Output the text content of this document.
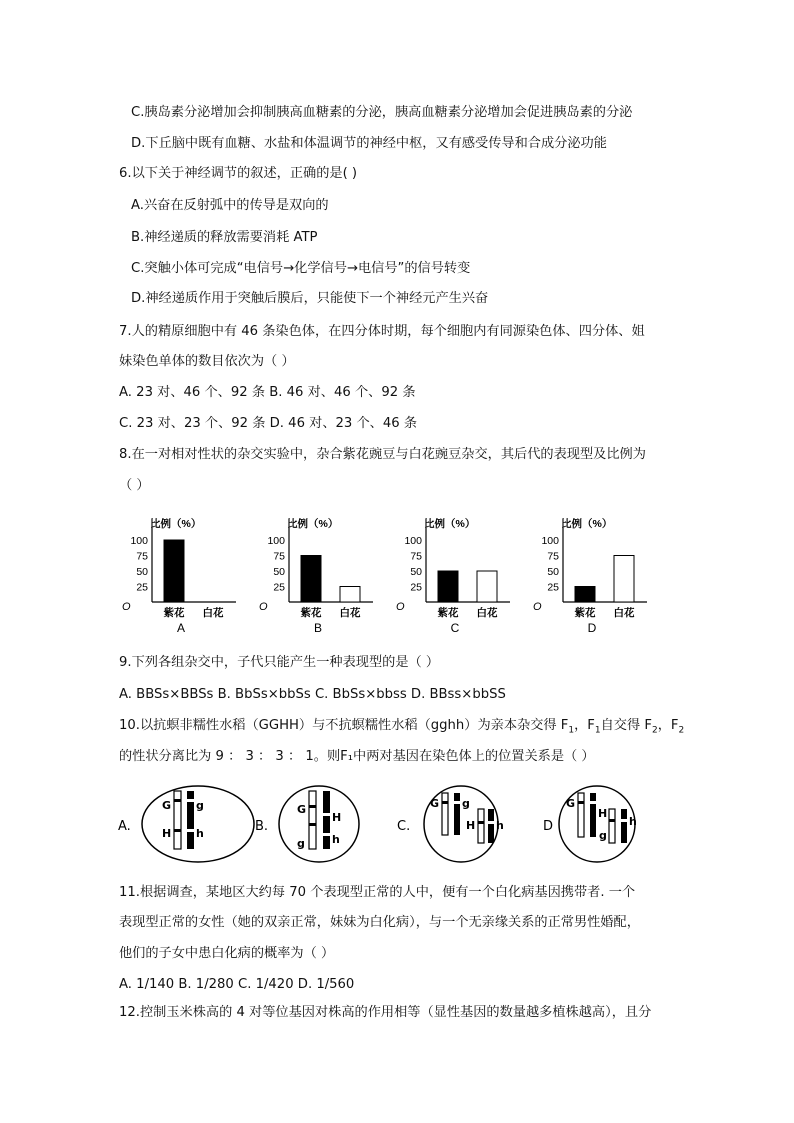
C.胰岛素分泌增加会抑制胰高血糖素的分泌，胰高血糖素分泌增加会促进胰岛素的分泌
D.下丘脑中既有血糖、水盐和体温调节的神经中枢，又有感受传导和合成分泌功能
6.以下关于神经调节的叙述，正确的是( )
A.兴奋在反射弧中的传导是双向的
B.神经递质的释放需要消耗 ATP
C.突触小体可完成“电信号→化学信号→电信号”的信号转变
D.神经递质作用于突触后膜后，只能使下一个神经元产生兴奋
7.人的精原细胞中有 46 条染色体，在四分体时期，每个细胞内有同源染色体、四分体、姐
妹染色单体的数目依次为（ ）
A. 23 对、46 个、92 条 B. 46 对、46 个、92 条
C. 23 对、23 个、92 条 D. 46 对、23 个、46 条
8.在一对相对性状的杂交实验中，杂合紫花豌豆与白花豌豆杂交，其后代的表现型及比例为
（ ）
比例（%）
100
75
50
25
O	紫花 白花
A
比例（%）
100
75
50
25
O	紫花 白花
B
比例（%）
100
75
50
25
O	紫花 白花
C
比例（%）
100
75
50
25
O	紫花 白花
D
9.下列各组杂交中，子代只能产生一种表现型的是（ ）
A. BBSs×BBSs B. BbSs×bbSs C. BbSs×bbss D. BBss×bbSS
10.以抗螟非糯性水稻（GGHH）与不抗螟糯性水稻（gghh）为亲本杂交得 $F_1$，$F_1$自交得 $F_2$，$F_2$
的性状分离比为 9 ： 3 ： 3 ： 1。则F₁中两对基因在染色体上的位置关系是（ ）
A.
G g
H h	B.
G
H
g h
C.
G g
H h	D
G
H
g
h
11.根据调查，某地区大约每 70 个表现型正常的人中，便有一个白化病基因携带者. 一个
表现型正常的女性（她的双亲正常，妹妹为白化病），与一个无亲缘关系的正常男性婚配，
他们的子女中患白化病的概率为（ ）
A. 1/140 B. 1/280 C. 1/420 D. 1/560
12.控制玉米株高的 4 对等位基因对株高的作用相等（显性基因的数量越多植株越高），且分
